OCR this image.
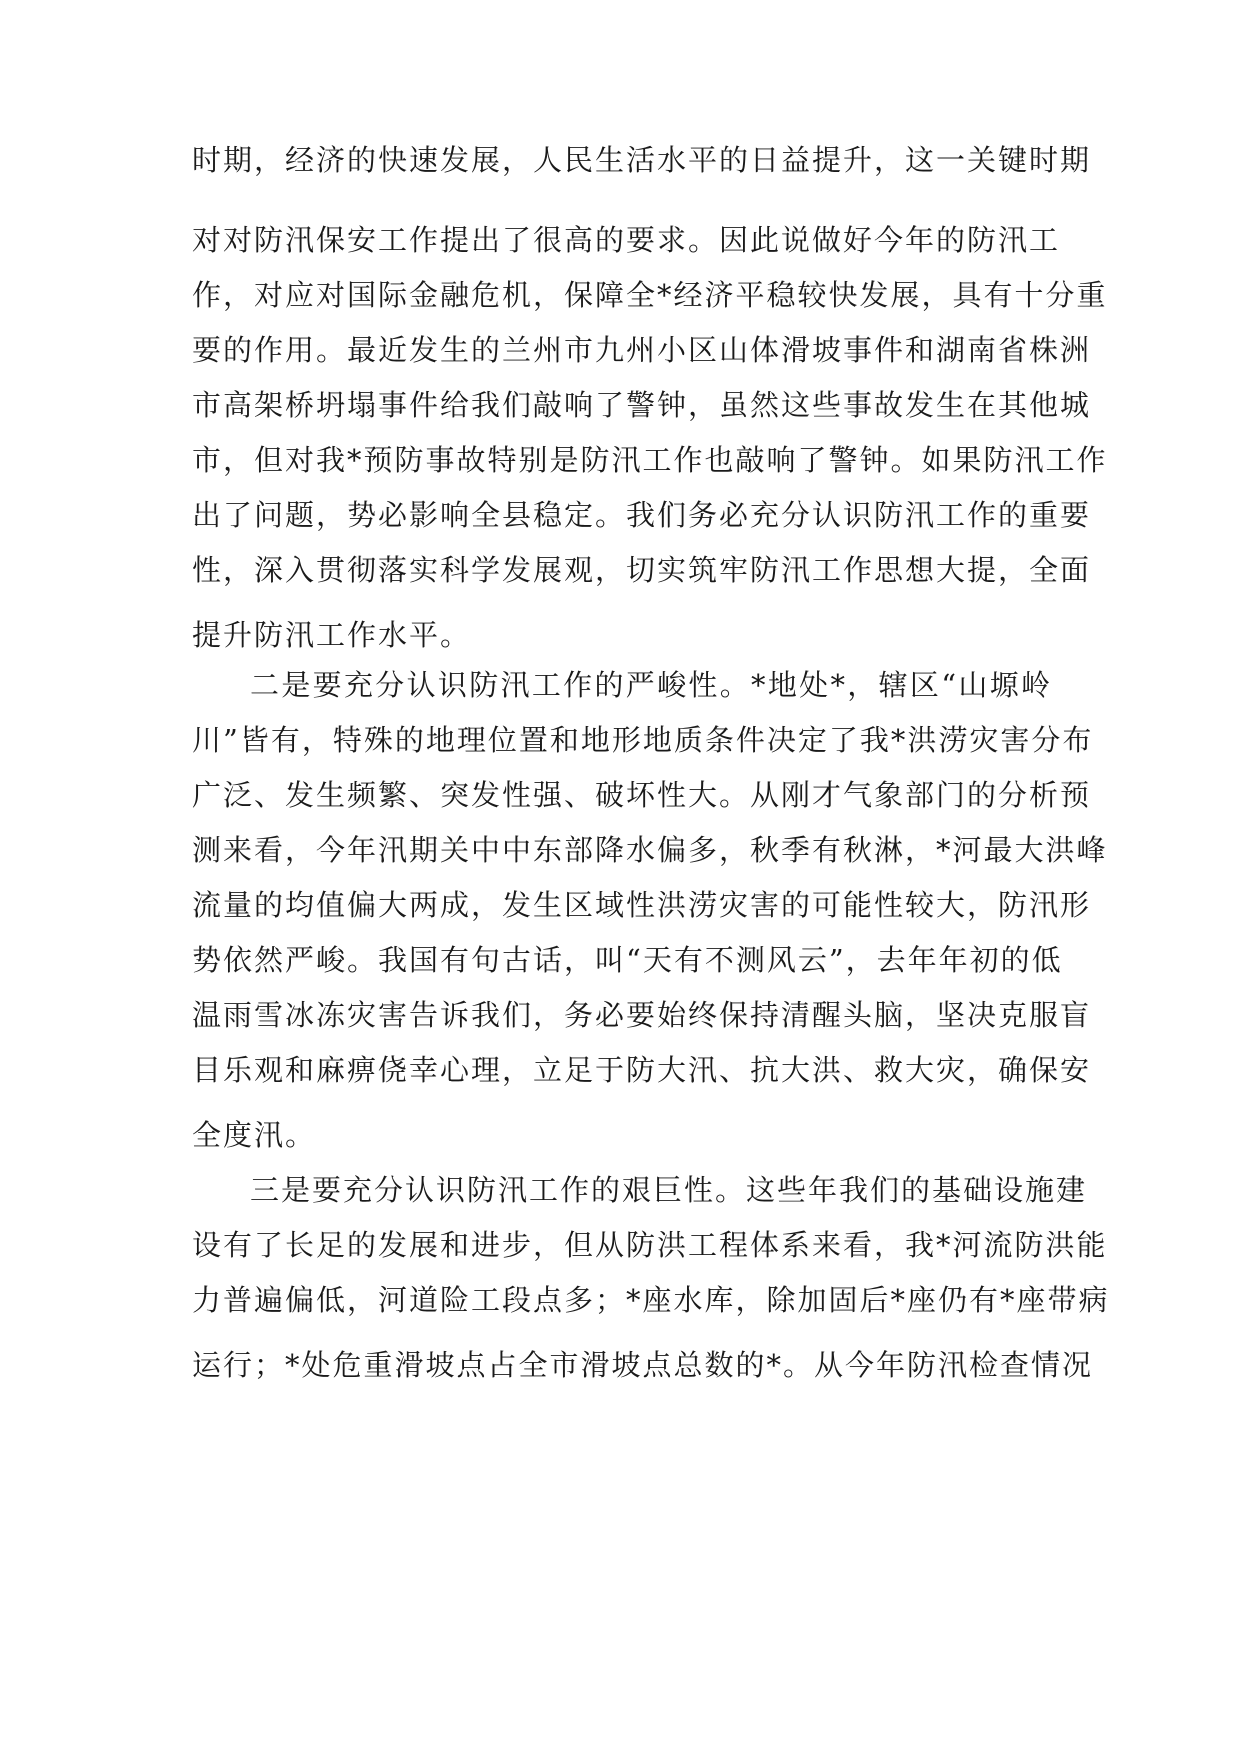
时期，经济的快速发展，人民生活水平的日益提升，这一关键时期
对对防汛保安工作提出了很高的要求。因此说做好今年的防汛工
作，对应对国际金融危机，保障全*经济平稳较快发展，具有十分重
要的作用。最近发生的兰州市九州小区山体滑坡事件和湖南省株洲
市高架桥坍塌事件给我们敲响了警钟，虽然这些事故发生在其他城
市，但对我*预防事故特别是防汛工作也敲响了警钟。如果防汛工作
出了问题，势必影响全县稳定。我们务必充分认识防汛工作的重要
性，深入贯彻落实科学发展观，切实筑牢防汛工作思想大提，全面
提升防汛工作水平。
二是要充分认识防汛工作的严峻性。*地处*，辖区“山塬岭
川”皆有，特殊的地理位置和地形地质条件决定了我*洪涝灾害分布
广泛、发生频繁、突发性强、破坏性大。从刚才气象部门的分析预
测来看，今年汛期关中中东部降水偏多，秋季有秋淋，*河最大洪峰
流量的均值偏大两成，发生区域性洪涝灾害的可能性较大，防汛形
势依然严峻。我国有句古话，叫“天有不测风云”，去年年初的低
温雨雪冰冻灾害告诉我们，务必要始终保持清醒头脑，坚决克服盲
目乐观和麻痹侥幸心理，立足于防大汛、抗大洪、救大灾，确保安
全度汛。
三是要充分认识防汛工作的艰巨性。这些年我们的基础设施建
设有了长足的发展和进步，但从防洪工程体系来看，我*河流防洪能
力普遍偏低，河道险工段点多；*座水库，除加固后*座仍有*座带病
运行；*处危重滑坡点占全市滑坡点总数的*。从今年防汛检查情况
